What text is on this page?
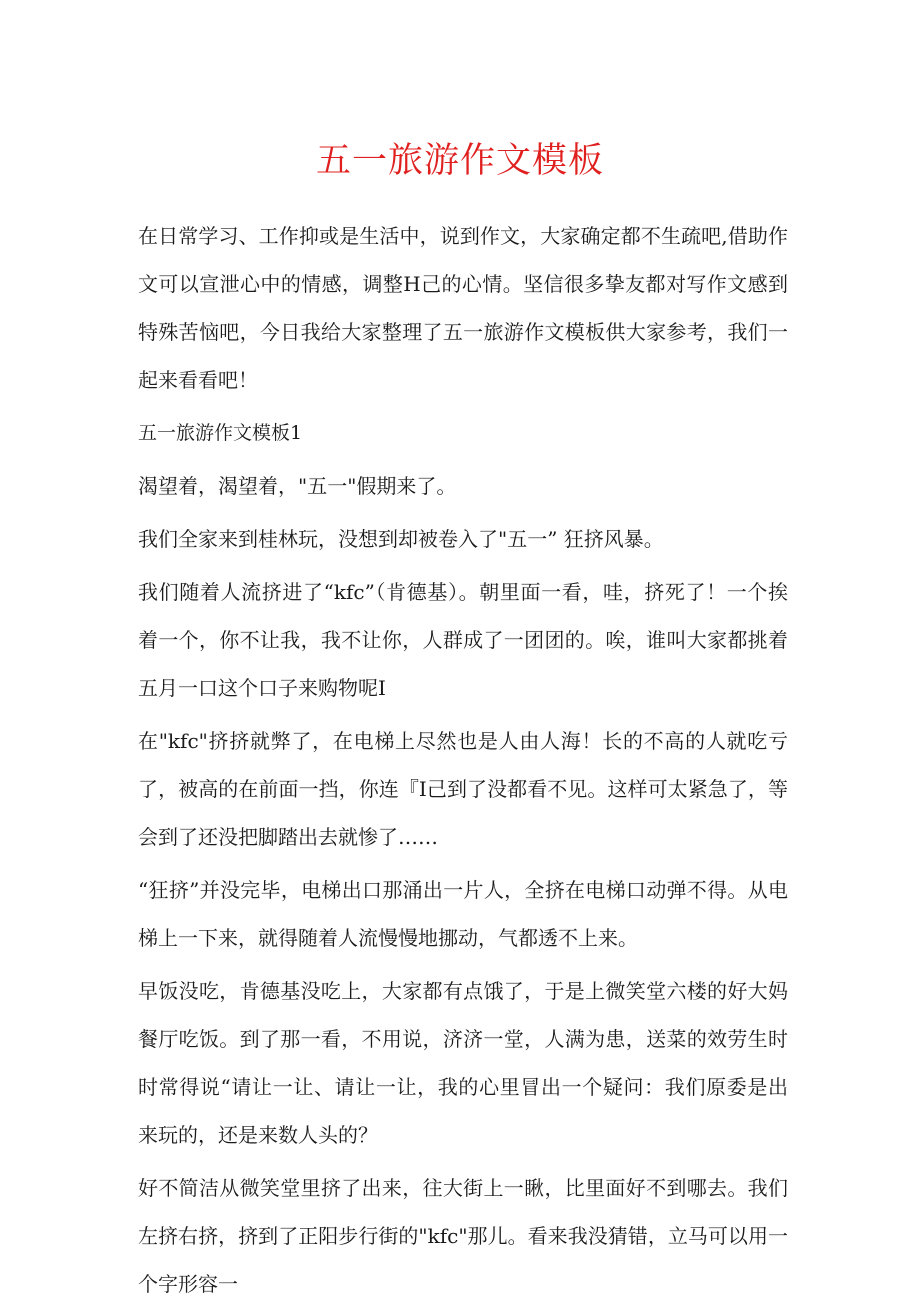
五一旅游作文模板

在日常学习、工作抑或是生活中，说到作文，大家确定都不生疏吧,借助作文可以宣泄心中的情感，调整H己的心情。坚信很多挚友都对写作文感到特殊苦恼吧，今日我给大家整理了五一旅游作文模板供大家参考，我们一起来看看吧！

五一旅游作文模板1

渴望着，渴望着，"五一"假期来了。

我们全家来到桂林玩，没想到却被卷入了"五一” 狂挤风暴。

我们随着人流挤进了“kfc”（肯德基）。朝里面一看，哇，挤死了！一个挨着一个，你不让我，我不让你，人群成了一团团的。唉，谁叫大家都挑着五月一口这个口子来购物呢I

在"kfc"挤挤就弊了，在电梯上尽然也是人由人海！长的不高的人就吃亏了，被高的在前面一挡，你连『I己到了没都看不见。这样可太紧急了，等会到了还没把脚踏出去就惨了……

“狂挤”并没完毕，电梯出口那涌出一片人，全挤在电梯口动弹不得。从电梯上一下来，就得随着人流慢慢地挪动，气都透不上来。

早饭没吃，肯德基没吃上，大家都有点饿了，于是上微笑堂六楼的好大妈餐厅吃饭。到了那一看，不用说，济济一堂，人满为患，送菜的效劳生时时常得说“请让一让、请让一让，我的心里冒出一个疑问：我们原委是出来玩的，还是来数人头的？

好不简洁从微笑堂里挤了出来，往大街上一瞅，比里面好不到哪去。我们左挤右挤，挤到了正阳步行街的"kfc"那儿。看来我没猜错，立马可以用一个字形容一
